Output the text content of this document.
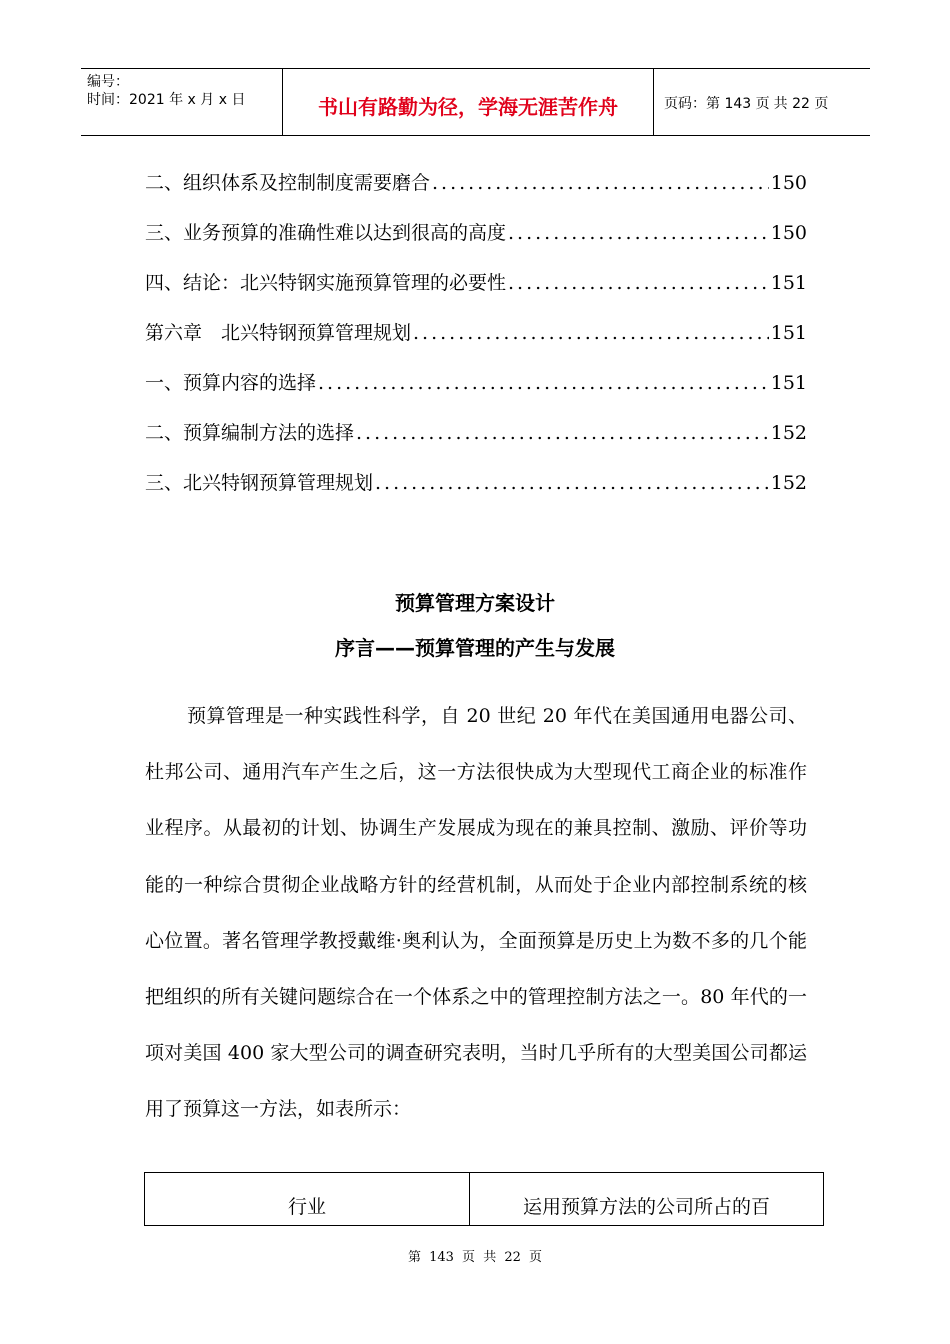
编号：
时间：2021 年 x 月 x 日	书山有路勤为径，学海无涯苦作舟	页码：第 143 页 共 22 页
二、组织体系及控制制度需要磨合 .....	150
三、业务预算的准确性难以达到很高的高度 .....	150
四、结论：北兴特钢实施预算管理的必要性 .....	151
第六章　北兴特钢预算管理规划 .....	151
一、预算内容的选择 .....	151
二、预算编制方法的选择 .....	152
三、北兴特钢预算管理规划 .....	152
预算管理方案设计
序言——预算管理的产生与发展
预算管理是一种实践性科学，自 20 世纪 20 年代在美国通用电器公司、杜邦公司、通用汽车产生之后，这一方法很快成为大型现代工商企业的标准作业程序。从最初的计划、协调生产发展成为现在的兼具控制、激励、评价等功能的一种综合贯彻企业战略方针的经营机制，从而处于企业内部控制系统的核心位置。著名管理学教授戴维·奥利认为，全面预算是历史上为数不多的几个能把组织的所有关键问题综合在一个体系之中的管理控制方法之一。80 年代的一项对美国 400 家大型公司的调查研究表明，当时几乎所有的大型美国公司都运用了预算这一方法，如表所示：
行业	运用预算方法的公司所占的百
第 143 页 共 22 页
